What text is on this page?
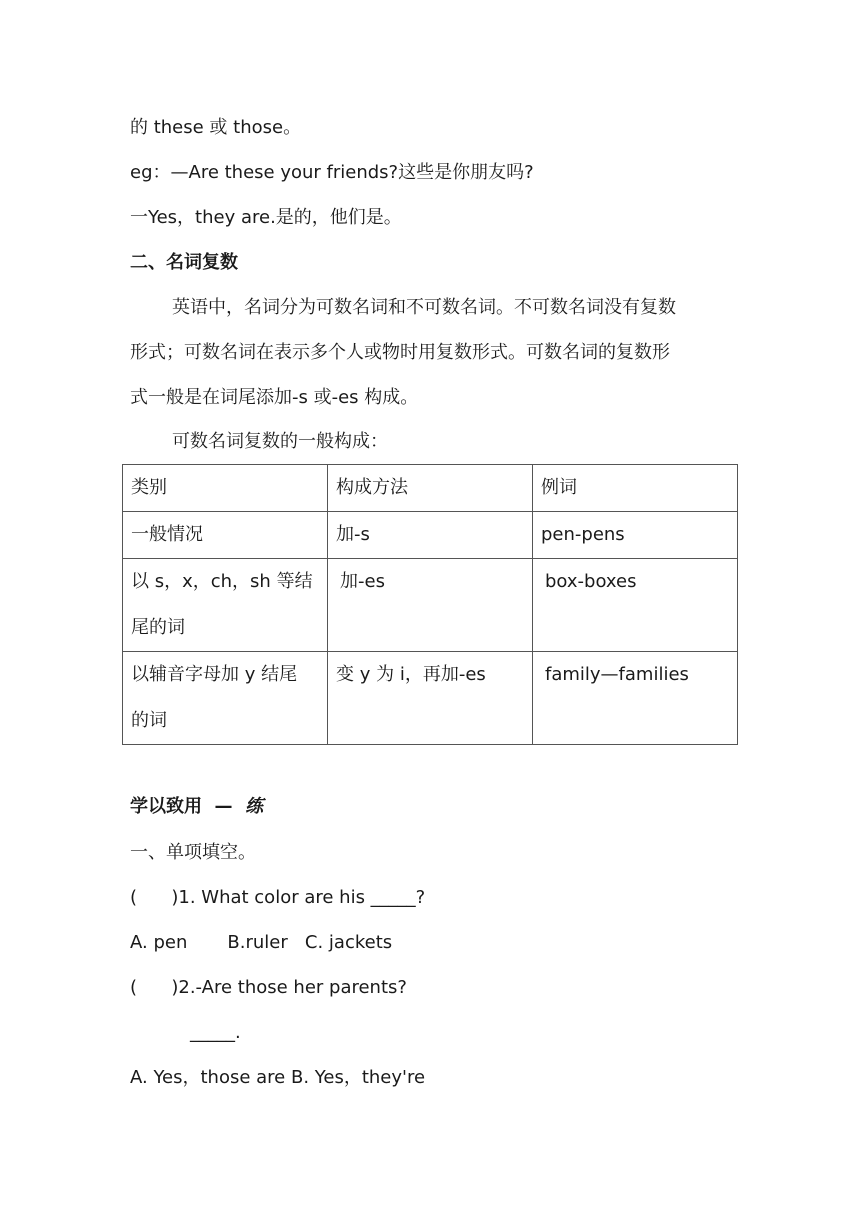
的 these 或 those。
eg：—Are these your friends?这些是你朋友吗?
一Yes，they are.是的，他们是。
二、名词复数
英语中，名词分为可数名词和不可数名词。不可数名词没有复数
形式；可数名词在表示多个人或物时用复数形式。可数名词的复数形
式一般是在词尾添加-s 或-es 构成。
可数名词复数的一般构成：
类别	构成方法	例词
一般情况	加-s	pen-pens

以 s，x，ch，sh 等结
尾的词	加-es	box-boxes

以辅音字母加 y 结尾
的词	变 y 为 i，再加-es	family—families
学以致用 — 练
一、单项填空。
(      )1. What color are his _____?
A. pen       B.ruler   C. jackets
(      )2.-Are those her parents?
_____.
A. Yes，those are B. Yes，they're
